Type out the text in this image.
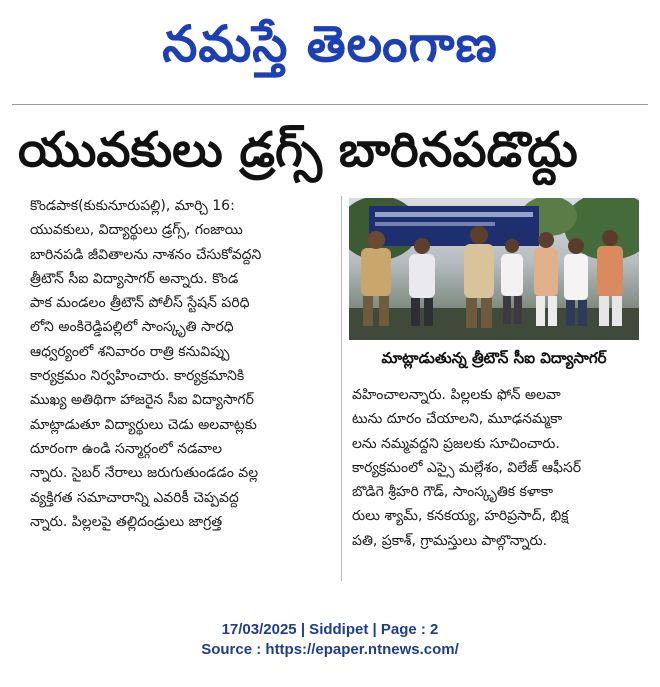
నమస్తే తెలంగాణ
యువకులు డ్రగ్స్ బారినపడొద్దు
కొండపాక(కుకునూరుపల్లి), మార్చి 16:
యువకులు, విద్యార్థులు డ్రగ్స్, గంజాయి
బారినపడి జీవితాలను నాశనం చేసుకోవద్దని
త్రీటౌన్ సీఐ విద్యాసాగర్ అన్నారు. కొండ
పాక మండలం త్రీటౌన్ పోలీస్ స్టేషన్ పరిధి
లోని అంకిరెడ్డిపల్లిలో సాంస్కృతి సారధి
ఆధ్వర్యంలో శనివారం రాత్రి కనువిప్పు
కార్యక్రమం నిర్వహించారు. కార్యక్రమానికి
ముఖ్య అతిథిగా హాజరైన సీఐ విద్యాసాగర్
మాట్లాడుతూ విద్యార్థులు చెడు అలవాట్లకు
దూరంగా ఉండి సన్మార్గంలో నడవాల
న్నారు. సైబర్ నేరాలు జరుగుతుండడం వల్ల
వ్యక్తిగత సమాచారాన్ని ఎవరికీ చెప్పవద్ద
న్నారు. పిల్లలపై తల్లిదండ్రులు జాగ్రత్త
మాట్లాడుతున్న త్రీటౌన్ సీఐ విద్యాసాగర్
వహించాలన్నారు. పిల్లలకు ఫోన్ అలవా
టును దూరం చేయాలని, మూఢనమ్మకా
లను నమ్మవద్దని ప్రజలకు సూచించారు.
కార్యక్రమంలో ఎస్సై మల్లేశం, విలేజ్ ఆఫీసర్
బొడిగె శ్రీహరి గౌడ్, సాంస్కృతిక కళాకా
రులు శ్యామ్, కనకయ్య, హరిప్రసాద్, భిక్ష
పతి, ప్రకాశ్, గ్రామస్తులు పాల్గొన్నారు.
17/03/2025 | Siddipet | Page : 2
Source : https://epaper.ntnews.com/
